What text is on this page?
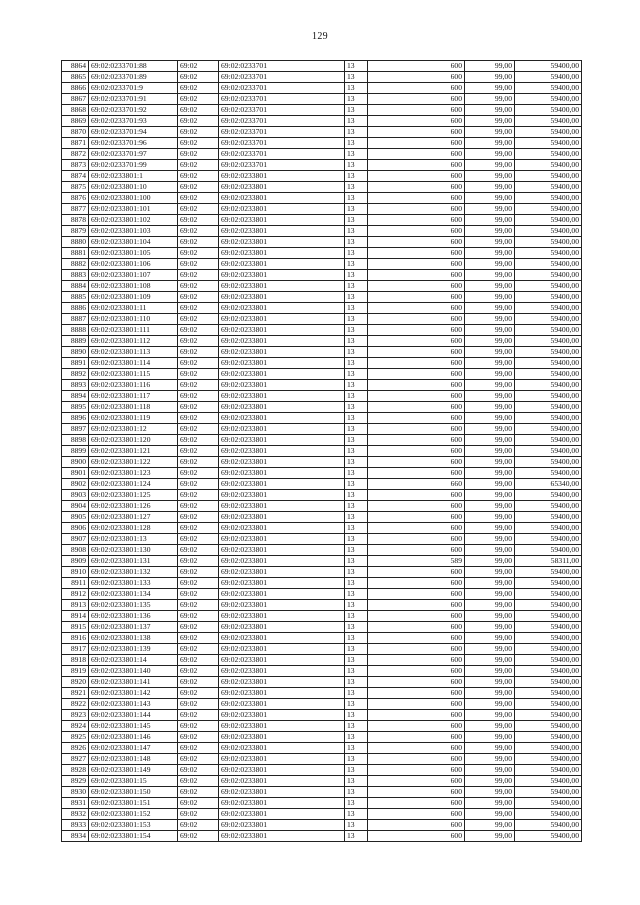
129
8864	69:02:0233701:88	69:02	69:02:0233701	13	600	99,00	59400,00
8865	69:02:0233701:89	69:02	69:02:0233701	13	600	99,00	59400,00
8866	69:02:0233701:9	69:02	69:02:0233701	13	600	99,00	59400,00
8867	69:02:0233701:91	69:02	69:02:0233701	13	600	99,00	59400,00
8868	69:02:0233701:92	69:02	69:02:0233701	13	600	99,00	59400,00
8869	69:02:0233701:93	69:02	69:02:0233701	13	600	99,00	59400,00
8870	69:02:0233701:94	69:02	69:02:0233701	13	600	99,00	59400,00
8871	69:02:0233701:96	69:02	69:02:0233701	13	600	99,00	59400,00
8872	69:02:0233701:97	69:02	69:02:0233701	13	600	99,00	59400,00
8873	69:02:0233701:99	69:02	69:02:0233701	13	600	99,00	59400,00
8874	69:02:0233801:1	69:02	69:02:0233801	13	600	99,00	59400,00
8875	69:02:0233801:10	69:02	69:02:0233801	13	600	99,00	59400,00
8876	69:02:0233801:100	69:02	69:02:0233801	13	600	99,00	59400,00
8877	69:02:0233801:101	69:02	69:02:0233801	13	600	99,00	59400,00
8878	69:02:0233801:102	69:02	69:02:0233801	13	600	99,00	59400,00
8879	69:02:0233801:103	69:02	69:02:0233801	13	600	99,00	59400,00
8880	69:02:0233801:104	69:02	69:02:0233801	13	600	99,00	59400,00
8881	69:02:0233801:105	69:02	69:02:0233801	13	600	99,00	59400,00
8882	69:02:0233801:106	69:02	69:02:0233801	13	600	99,00	59400,00
8883	69:02:0233801:107	69:02	69:02:0233801	13	600	99,00	59400,00
8884	69:02:0233801:108	69:02	69:02:0233801	13	600	99,00	59400,00
8885	69:02:0233801:109	69:02	69:02:0233801	13	600	99,00	59400,00
8886	69:02:0233801:11	69:02	69:02:0233801	13	600	99,00	59400,00
8887	69:02:0233801:110	69:02	69:02:0233801	13	600	99,00	59400,00
8888	69:02:0233801:111	69:02	69:02:0233801	13	600	99,00	59400,00
8889	69:02:0233801:112	69:02	69:02:0233801	13	600	99,00	59400,00
8890	69:02:0233801:113	69:02	69:02:0233801	13	600	99,00	59400,00
8891	69:02:0233801:114	69:02	69:02:0233801	13	600	99,00	59400,00
8892	69:02:0233801:115	69:02	69:02:0233801	13	600	99,00	59400,00
8893	69:02:0233801:116	69:02	69:02:0233801	13	600	99,00	59400,00
8894	69:02:0233801:117	69:02	69:02:0233801	13	600	99,00	59400,00
8895	69:02:0233801:118	69:02	69:02:0233801	13	600	99,00	59400,00
8896	69:02:0233801:119	69:02	69:02:0233801	13	600	99,00	59400,00
8897	69:02:0233801:12	69:02	69:02:0233801	13	600	99,00	59400,00
8898	69:02:0233801:120	69:02	69:02:0233801	13	600	99,00	59400,00
8899	69:02:0233801:121	69:02	69:02:0233801	13	600	99,00	59400,00
8900	69:02:0233801:122	69:02	69:02:0233801	13	600	99,00	59400,00
8901	69:02:0233801:123	69:02	69:02:0233801	13	600	99,00	59400,00
8902	69:02:0233801:124	69:02	69:02:0233801	13	660	99,00	65340,00
8903	69:02:0233801:125	69:02	69:02:0233801	13	600	99,00	59400,00
8904	69:02:0233801:126	69:02	69:02:0233801	13	600	99,00	59400,00
8905	69:02:0233801:127	69:02	69:02:0233801	13	600	99,00	59400,00
8906	69:02:0233801:128	69:02	69:02:0233801	13	600	99,00	59400,00
8907	69:02:0233801:13	69:02	69:02:0233801	13	600	99,00	59400,00
8908	69:02:0233801:130	69:02	69:02:0233801	13	600	99,00	59400,00
8909	69:02:0233801:131	69:02	69:02:0233801	13	589	99,00	58311,00
8910	69:02:0233801:132	69:02	69:02:0233801	13	600	99,00	59400,00
8911	69:02:0233801:133	69:02	69:02:0233801	13	600	99,00	59400,00
8912	69:02:0233801:134	69:02	69:02:0233801	13	600	99,00	59400,00
8913	69:02:0233801:135	69:02	69:02:0233801	13	600	99,00	59400,00
8914	69:02:0233801:136	69:02	69:02:0233801	13	600	99,00	59400,00
8915	69:02:0233801:137	69:02	69:02:0233801	13	600	99,00	59400,00
8916	69:02:0233801:138	69:02	69:02:0233801	13	600	99,00	59400,00
8917	69:02:0233801:139	69:02	69:02:0233801	13	600	99,00	59400,00
8918	69:02:0233801:14	69:02	69:02:0233801	13	600	99,00	59400,00
8919	69:02:0233801:140	69:02	69:02:0233801	13	600	99,00	59400,00
8920	69:02:0233801:141	69:02	69:02:0233801	13	600	99,00	59400,00
8921	69:02:0233801:142	69:02	69:02:0233801	13	600	99,00	59400,00
8922	69:02:0233801:143	69:02	69:02:0233801	13	600	99,00	59400,00
8923	69:02:0233801:144	69:02	69:02:0233801	13	600	99,00	59400,00
8924	69:02:0233801:145	69:02	69:02:0233801	13	600	99,00	59400,00
8925	69:02:0233801:146	69:02	69:02:0233801	13	600	99,00	59400,00
8926	69:02:0233801:147	69:02	69:02:0233801	13	600	99,00	59400,00
8927	69:02:0233801:148	69:02	69:02:0233801	13	600	99,00	59400,00
8928	69:02:0233801:149	69:02	69:02:0233801	13	600	99,00	59400,00
8929	69:02:0233801:15	69:02	69:02:0233801	13	600	99,00	59400,00
8930	69:02:0233801:150	69:02	69:02:0233801	13	600	99,00	59400,00
8931	69:02:0233801:151	69:02	69:02:0233801	13	600	99,00	59400,00
8932	69:02:0233801:152	69:02	69:02:0233801	13	600	99,00	59400,00
8933	69:02:0233801:153	69:02	69:02:0233801	13	600	99,00	59400,00
8934	69:02:0233801:154	69:02	69:02:0233801	13	600	99,00	59400,00
